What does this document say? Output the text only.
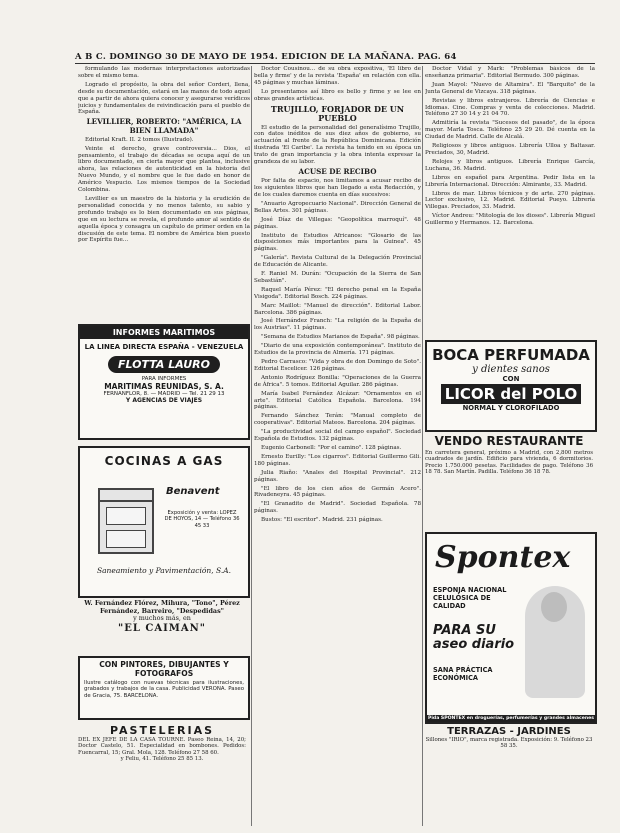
A B C. DOMINGO 30 DE MAYO DE 1954. EDICION DE LA MAÑANA. PAG. 64

formulando las modernas interpretaciones autorizadas sobre el mismo tema.

Logrado el propósito, la obra del señor Corderi, llena, desde su documentación, estará en las manos de todo aquel que a partir de ahora quiera conocer y asegurarse verídicos juicios y fundamentales de reivindicación para el pueblo de España.

LEVILLIER, ROBERTO: "AMÉRICA, LA BIEN LLAMADA"

Editorial Kraft. II. 2 tomos (Ilustrado).

Veinte el derecho, grave controversia... Dios, el pensamiento, el trabajo de décadas se ocupa aquí de un libro documentado, en cierta mayor que plantea, inclusive ahora, las relaciones de autenticidad en la historia del Nuevo Mundo, y el nombre que le fue dado en honor de Américo Vespucio. Los mismos tiempos de la Sociedad Colombina.

Levillier es un maestro de la historia y la erudición de personalidad conocida y no menos talento, su sabio y profundo trabajo es lo bien documentado en sus páginas, que en su lectura se revela, el profundo amor al sentido de aquella época y consagra un capítulo de primer orden en la discusión de este tema. El nombre de América bien puesto por Espíritu fue...

INFORMES MARITIMOS
LA LINEA DIRECTA ESPAÑA - VENEZUELA
FLOTTA LAURO
PARA INFORMES
MARITIMAS REUNIDAS, S. A.
FERNANFLOR, 8. — MADRID — Tel. 21 29 13
Y AGENCIAS DE VIAJES
COCINAS A GAS
Benavent
Exposición y venta: LOPEZ DE HOYOS, 14 — Teléfono 36 45 33
Saneamiento y Pavimentación, S.A.
W. Fernández Flórez, Mihura, "Tono", Pérez Fernández, Barreiro, "Despedidas"
y muchos más, en
"EL CAIMAN"
CON PINTORES, DIBUJANTES Y FOTOGRAFOS
Ilustre catálogo con nuevas técnicas para ilustraciones, grabados y trabajos de la casa. Publicidad VERONA. Paseo de Gracia, 75. BARCELONA.
PASTELERIAS
DEL EX JEFE DE LA CASA TOURNE. Paseo Reina, 14, 20; Doctor Castelo, 51. Especialidad en bombones. Pedidos: Fuencarral, 15; Gral. Mola, 128. Teléfono 27 58 60.
y Feliu, 41. Teléfono 25 85 13.

Doctor Cousinou... de su obra expositiva, 'El libro de bella y firme' y de la revista 'España' en relación con ella. 45 páginas y muchas láminas.

Lo presentamos así libro es bello y firme y se lee en obras grandes artísticas.

TRUJILLO, FORJADOR DE UN PUEBLO

El estudio de la personalidad del generalísimo Trujillo, con datos inéditos de sus diez años de gobierno, su actuación al frente de la República Dominicana. Edición ilustrada 'El Caribe'. La revista ha tenido en su época un trato de gran importancia y la obra intenta expresar la grandeza de su labor.

ACUSE DE RECIBO

Por falta de espacio, nos limitamos a acusar recibo de los siguientes libros que han llegado a esta Redacción, y de los cuales daremos cuenta en días sucesivos:

"Anuario Agropecuario Nacional". Dirección General de Bellas Artes. 301 páginas.

José Díaz de Villegas: "Geopolítica marroquí". 48 páginas.

Instituto de Estudios Africanos: "Glosario de las disposiciones más importantes para la Guinea". 45 páginas.

"Galería". Revista Cultural de la Delegación Provincial de Educación de Alicante.

F. Raniel M. Durán: "Ocupación de la Sierra de San Sebastián".

Raquel María Pérez: "El derecho penal en la España Visigoda". Editorial Bosch. 224 páginas.

Marc Maillot: "Manuel de dirección". Editorial Labor. Barcelona. 386 páginas.

José Hernández Franch: "La religión de la España de los Austrias". 11 páginas.

"Semana de Estudios Marianos de España". 98 páginas.

"Diario de una exposición contemporánea". Instituto de Estudios de la provincia de Almería. 171 páginas.

Pedro Carrasco: "Vida y obra de don Domingo de Soto". Editorial Escelicer. 126 páginas.

Antonio Rodríguez Bonilla: "Operaciones de la Guerra de África". 5 tomos. Editorial Aguilar. 286 páginas.

María Isabel Fernández Alcázar: "Ornamentos en el arte". Editorial Católica Española. Barcelona. 194 páginas.

Fernando Sánchez Terán: "Manual completo de cooperativas". Editorial Mateos. Barcelona. 204 páginas.

"La productividad social del campo español". Sociedad Española de Estudios. 132 páginas.

Eugenio Carbonell: "Por el camino". 128 páginas.

Ernesto Eurilly: "Los cigarros". Editorial Guillermo Gili. 180 páginas.

Julia Riaño: "Anales del Hospital Provincial". 212 páginas.

"El libro de los cien años de Germán Acero". Rivadeneyra. 45 páginas.

"El Granadito de Madrid". Sociedad Española. 78 páginas.

Bustos: "El escritor". Madrid. 231 páginas.

Doctor Vidal y Mark: "Problemas básicos de la enseñanza primaria". Editorial Bermudo. 300 páginas.

Juan Mayol: "Nuevo de Altamira". El "Barquito" de la Junta General de Vizcaya. 318 páginas.

Revistas y libros extranjeros. Librería de Ciencias e Idiomas. Cine. Compras y venta de colecciones. Madrid. Teléfono 27 30 14 y 21 04 70.

Admitiría la revista "Sucesos del pasado", de la época mayor. Marla Tosca. Teléfono 25 29 20. Dé cuenta en la Ciudad de Madrid. Calle de Alcalá.

Religiosos y libros antiguos. Librería Ulloa y Baltasar. Preciados, 30, Madrid.

Relojes y libros antiguos. Librería Enrique García, Luchana, 36. Madrid.

Libros en español para Argentina. Pedir lista en la Librería Internacional. Dirección: Almirante, 33. Madrid.

Libros de mar. Libros técnicos y de arte. 270 páginas. Lector exclusivo, 12. Madrid. Editorial Pueyo. Librería Villegas. Preciados, 33. Madrid.

Víctor Andreu: "Mitología de los dioses". Librería Miguel Guillermo y Hermanos. 12. Barcelona.

BOCA PERFUMADA
y dientes sanos
CON
LICOR del POLO
NORMAL Y CLOROFILADO
VENDO RESTAURANTE
En carretera general, próximo a Madrid, con 2,800 metros cuadrados de jardín. Edificio para vivienda, 6 dormitorios. Precio 1.750.000 pesetas. Facilidades de pago. Teléfono 36 18 78. San Martín. Padilla. Teléfono 36 18 78.
Spontex
ESPONJA NACIONAL CELULÓSICA DE CALIDAD
PARA SU aseo diario
SANA PRÁCTICA ECONÓMICA
Pida SPONTEX en droguerías, perfumerías y grandes almacenes
TERRAZAS - JARDINES
Sillones "IRIO", marca registrada. Exposición: 9. Teléfono 23 58 35.
